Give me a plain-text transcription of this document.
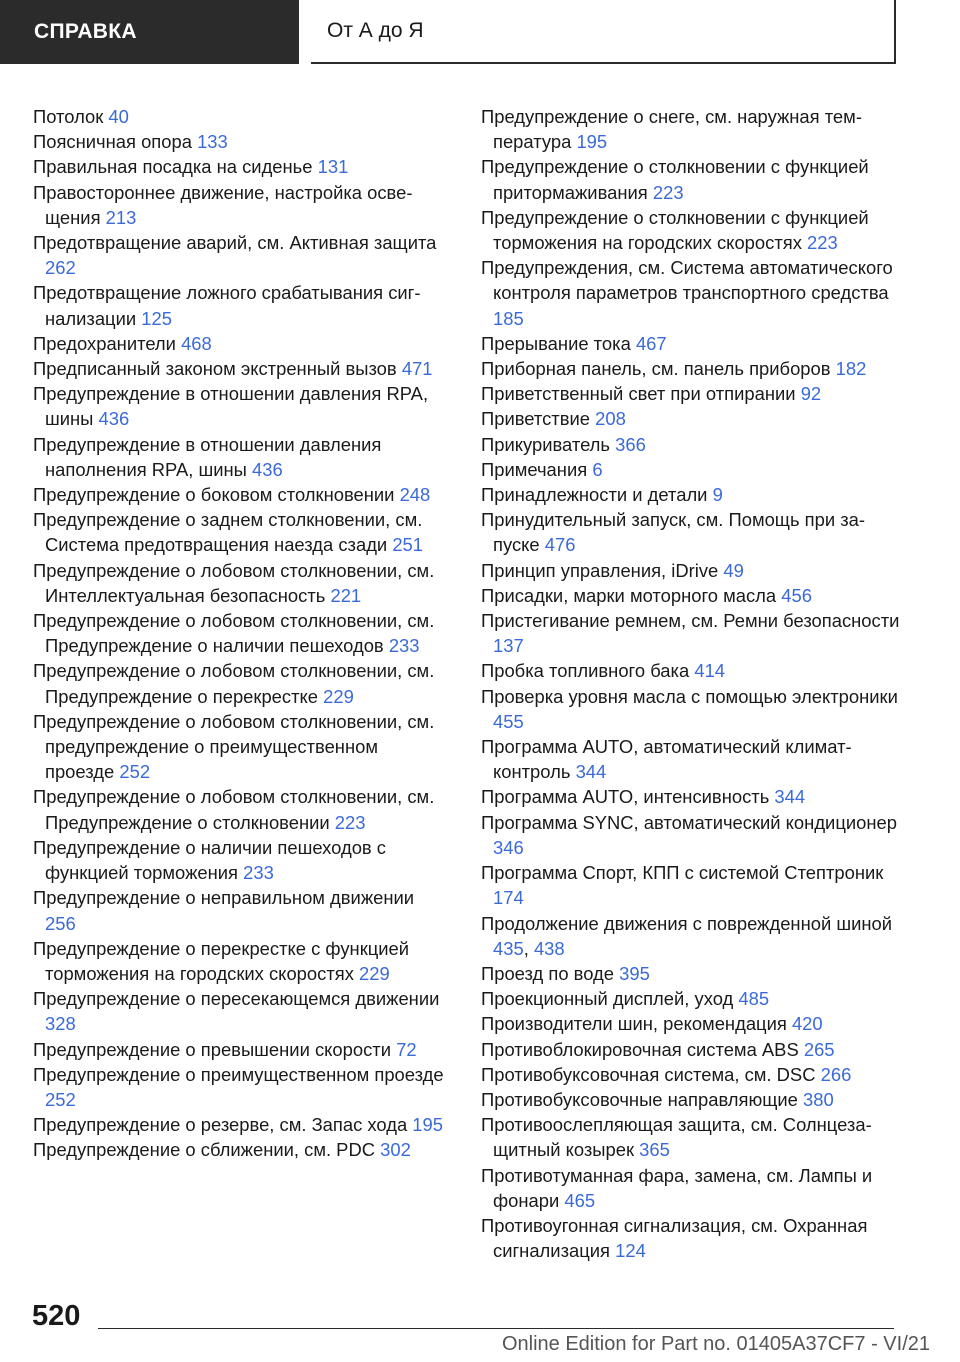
СПРАВКА	От А до Я
Потолок 40
Поясничная опора 133
Правильная посадка на сиденье 131
Правостороннее движение, настройка освещения 213
Предотвращение аварий, см. Активная защита 262
Предотвращение ложного срабатывания сигнализации 125
Предохранители 468
Предписанный законом экстренный вызов 471
Предупреждение в отношении давления RPA, шины 436
Предупреждение в отношении давления наполнения RPA, шины 436
Предупреждение о боковом столкновении 248
Предупреждение о заднем столкновении, см. Система предотвращения наезда сзади 251
Предупреждение о лобовом столкновении, см. Интеллектуальная безопасность 221
Предупреждение о лобовом столкновении, см. Предупреждение о наличии пешеходов 233
Предупреждение о лобовом столкновении, см. Предупреждение о перекрестке 229
Предупреждение о лобовом столкновении, см. предупреждение о преимущественном проезде 252
Предупреждение о лобовом столкновении, см. Предупреждение о столкновении 223
Предупреждение о наличии пешеходов с функцией торможения 233
Предупреждение о неправильном движении 256
Предупреждение о перекрестке с функцией торможения на городских скоростях 229
Предупреждение о пересекающемся движении 328
Предупреждение о превышении скорости 72
Предупреждение о преимущественном проезде 252
Предупреждение о резерве, см. Запас хода 195
Предупреждение о сближении, см. PDC 302
Предупреждение о снеге, см. наружная температура 195
Предупреждение о столкновении с функцией притормаживания 223
Предупреждение о столкновении с функцией торможения на городских скоростях 223
Предупреждения, см. Система автоматического контроля параметров транспортного средства 185
Прерывание тока 467
Приборная панель, см. панель приборов 182
Приветственный свет при отпирании 92
Приветствие 208
Прикуриватель 366
Примечания 6
Принадлежности и детали 9
Принудительный запуск, см. Помощь при запуске 476
Принцип управления, iDrive 49
Присадки, марки моторного масла 456
Пристегивание ремнем, см. Ремни безопасности 137
Пробка топливного бака 414
Проверка уровня масла с помощью электроники 455
Программа AUTO, автоматический климат-контроль 344
Программа AUTO, интенсивность 344
Программа SYNC, автоматический кондиционер 346
Программа Спорт, КПП с системой Стептроник 174
Продолжение движения с поврежденной шиной 435, 438
Проезд по воде 395
Проекционный дисплей, уход 485
Производители шин, рекомендация 420
Противоблокировочная система ABS 265
Противобуксовочная система, см. DSC 266
Противобуксовочные направляющие 380
Противоослепляющая защита, см. Солнцезащитный козырек 365
Противотуманная фара, замена, см. Лампы и фонари 465
Противоугонная сигнализация, см. Охранная сигнализация 124
520
Online Edition for Part no. 01405A37CF7 - VI/21
